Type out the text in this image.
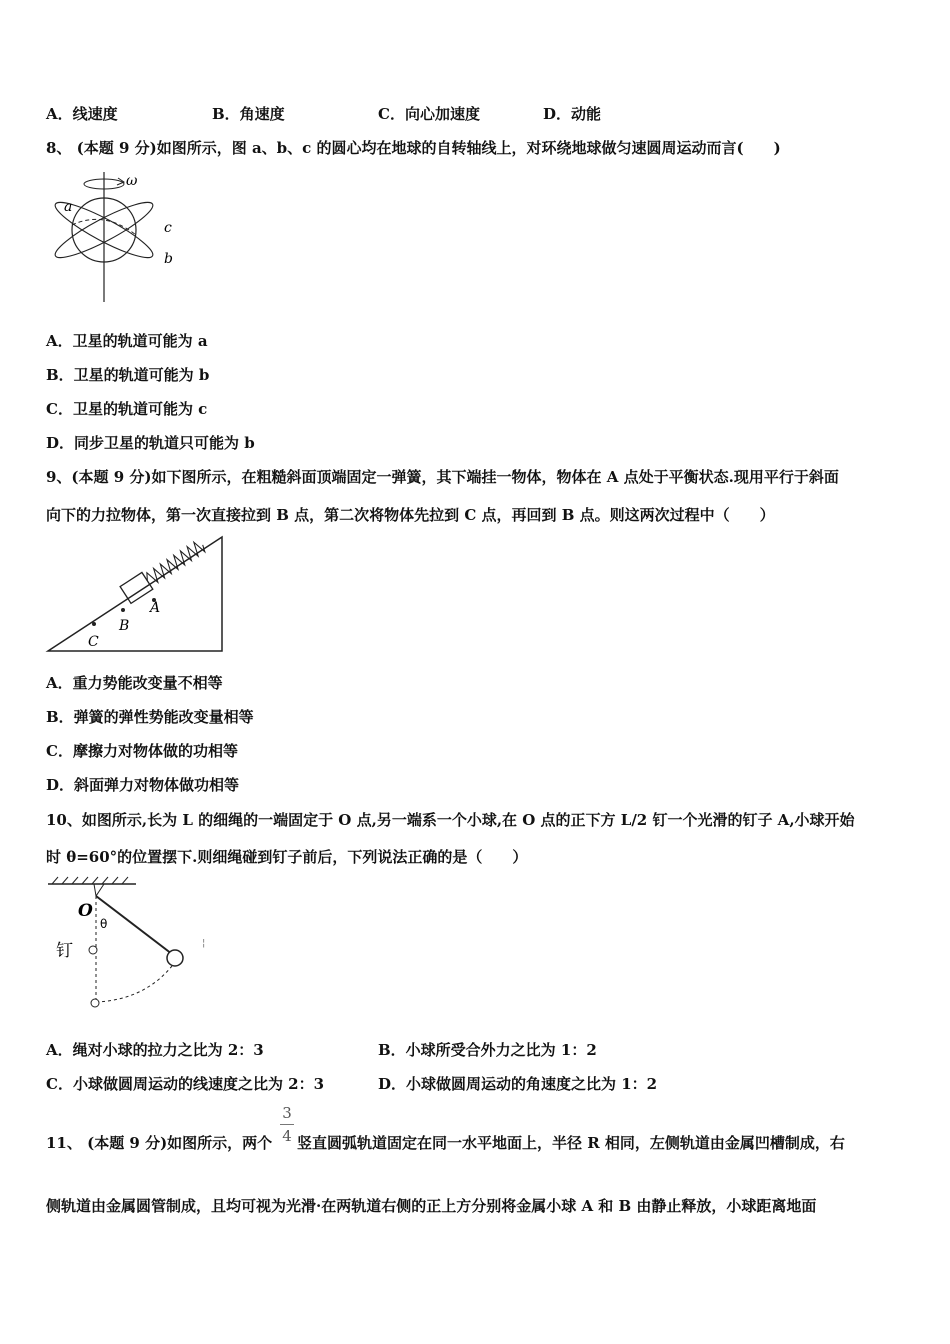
A．线速度	B．角速度	C．向心加速度	D．动能
8、 (本题 9 分)如图所示，图 a、b、c 的圆心均在地球的自转轴线上，对环绕地球做匀速圆周运动而言(　　)
ω
a
c
b
A．卫星的轨道可能为 a
B．卫星的轨道可能为 b
C．卫星的轨道可能为 c
D．同步卫星的轨道只可能为 b
9、(本题 9 分)如下图所示，在粗糙斜面顶端固定一弹簧，其下端挂一物体，物体在 A 点处于平衡状态.现用平行于斜面
向下的力拉物体，第一次直接拉到 B 点，第二次将物体先拉到 C 点，再回到 B 点。则这两次过程中（　　）
A
B
C
A．重力势能改变量不相等
B．弹簧的弹性势能改变量相等
C．摩擦力对物体做的功相等
D．斜面弹力对物体做功相等
10、如图所示,长为 L 的细绳的一端固定于 O 点,另一端系一个小球,在 O 点的正下方 L/2 钉一个光滑的钉子 A,小球开始
时 θ=60°的位置摆下.则细绳碰到钉子前后，下列说法正确的是（　　）
O
θ
钉	¦
A．绳对小球的拉力之比为 2：3	B．小球所受合外力之比为 1：2
C．小球做圆周运动的线速度之比为 2：3	D．小球做圆周运动的角速度之比为 1：2
11、 (本题 9 分)如图所示，两个
3
4 竖直圆弧轨道固定在同一水平地面上，半径 R 相同，左侧轨道由金属凹槽制成，右
侧轨道由金属圆管制成，且均可视为光滑·在两轨道右侧的正上方分别将金属小球 A 和 B 由静止释放，小球距离地面
